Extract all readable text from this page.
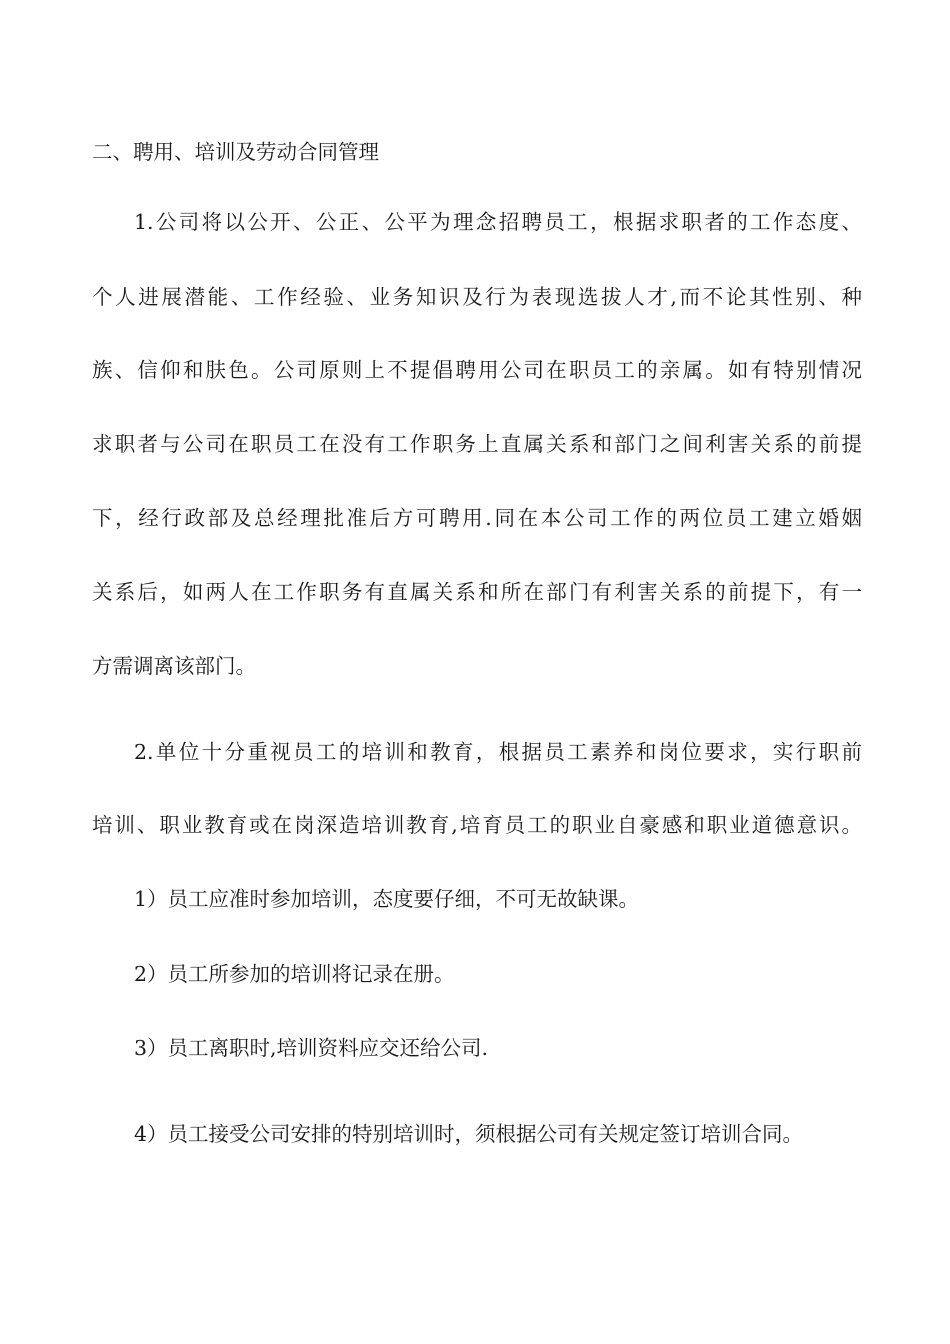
二、聘用、培训及劳动合同管理
1.公司将以公开、公正、公平为理念招聘员工，根据求职者的工作态度、
个人进展潜能、工作经验、业务知识及行为表现选拔人才,而不论其性别、种
族、信仰和肤色。公司原则上不提倡聘用公司在职员工的亲属。如有特别情况
求职者与公司在职员工在没有工作职务上直属关系和部门之间利害关系的前提
下，经行政部及总经理批准后方可聘用.同在本公司工作的两位员工建立婚姻
关系后，如两人在工作职务有直属关系和所在部门有利害关系的前提下，有一
方需调离该部门。
2.单位十分重视员工的培训和教育，根据员工素养和岗位要求，实行职前
培训、职业教育或在岗深造培训教育,培育员工的职业自豪感和职业道德意识。
1）员工应准时参加培训，态度要仔细，不可无故缺课。
2）员工所参加的培训将记录在册。
3）员工离职时,培训资料应交还给公司.
4）员工接受公司安排的特别培训时，须根据公司有关规定签订培训合同。
